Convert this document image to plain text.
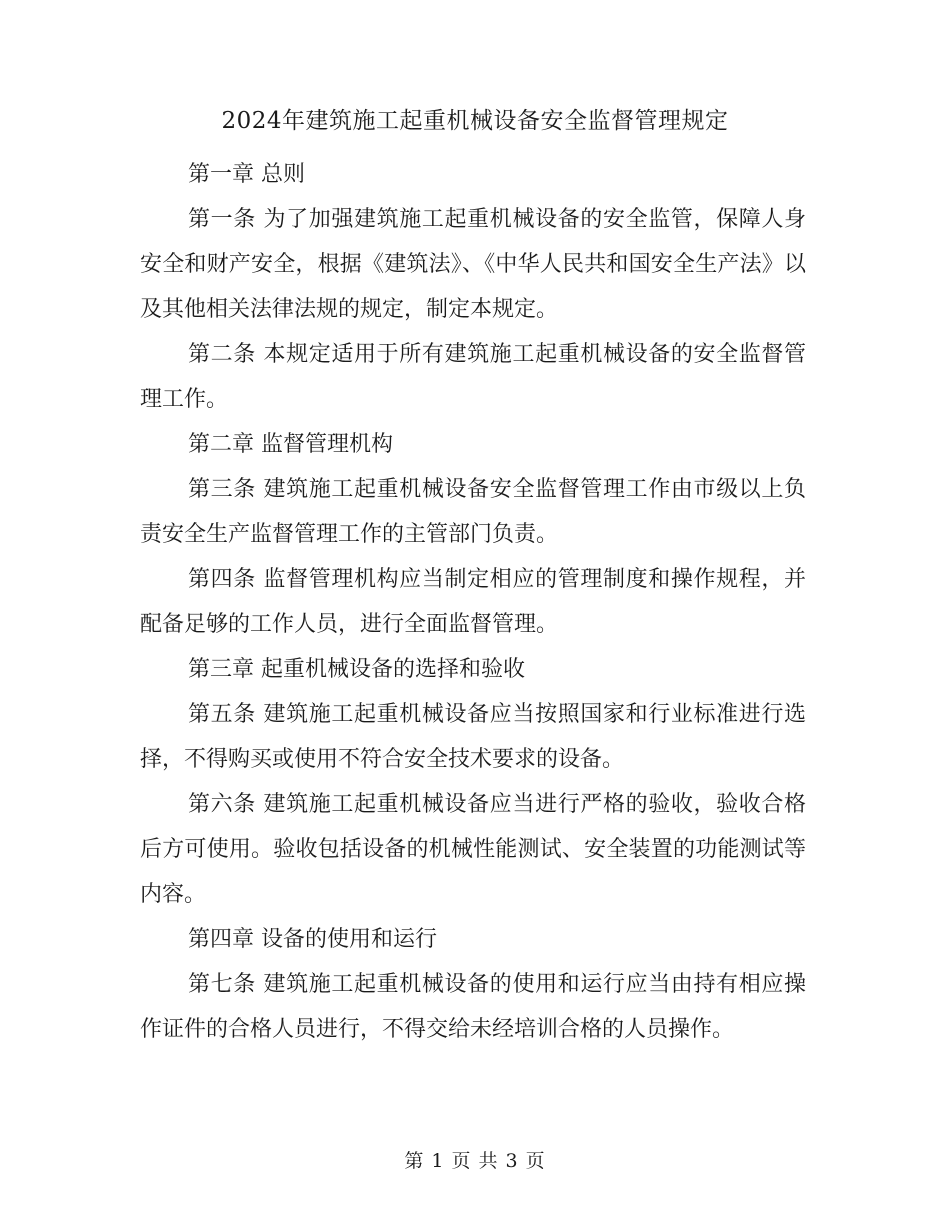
2024年建筑施工起重机械设备安全监督管理规定

第一章 总则

第一条 为了加强建筑施工起重机械设备的安全监管，保障人身安全和财产安全，根据《建筑法》、《中华人民共和国安全生产法》以及其他相关法律法规的规定，制定本规定。

第二条 本规定适用于所有建筑施工起重机械设备的安全监督管理工作。

第二章 监督管理机构

第三条 建筑施工起重机械设备安全监督管理工作由市级以上负责安全生产监督管理工作的主管部门负责。

第四条 监督管理机构应当制定相应的管理制度和操作规程，并配备足够的工作人员，进行全面监督管理。

第三章 起重机械设备的选择和验收

第五条 建筑施工起重机械设备应当按照国家和行业标准进行选择，不得购买或使用不符合安全技术要求的设备。

第六条 建筑施工起重机械设备应当进行严格的验收，验收合格后方可使用。验收包括设备的机械性能测试、安全装置的功能测试等内容。

第四章 设备的使用和运行

第七条 建筑施工起重机械设备的使用和运行应当由持有相应操作证件的合格人员进行，不得交给未经培训合格的人员操作。

第 1 页 共 3 页
